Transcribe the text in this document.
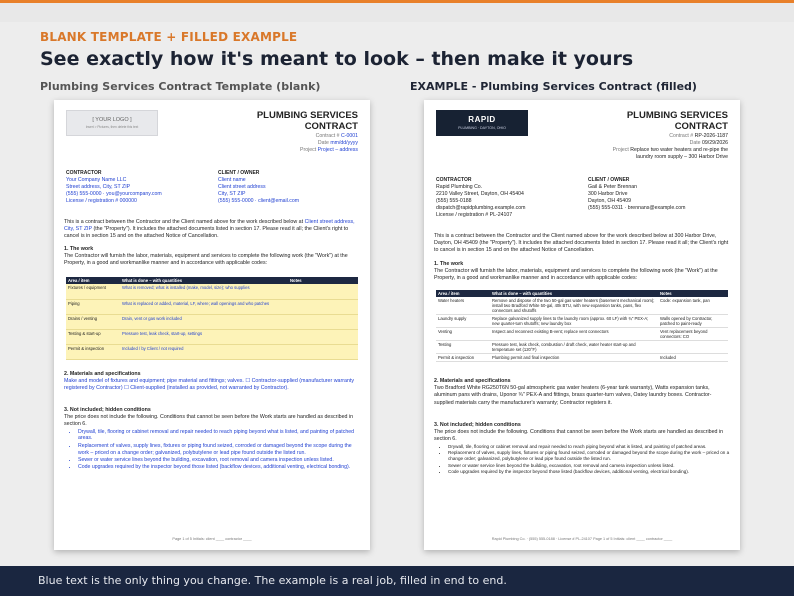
BLANK TEMPLATE + FILLED EXAMPLE
See exactly how it's meant to look – then make it yours
Plumbing Services Contract Template (blank)	EXAMPLE - Plumbing Services Contract (filled)
[ YOUR LOGO ]
Insert > Pictures, then delete this text
PLUMBING SERVICES
CONTRACT
Contract # C-0001
Date mm/dd/yyyy
Project Project – address
CONTRACTOR
Your Company Name LLC
Street address, City, ST ZIP
(555) 555-0000 · you@yourcompany.com
License / registration # 000000
CLIENT / OWNER
Client name
Client street address
City, ST ZIP
(555) 555-0000 · client@email.com
This is a contract between the Contractor and the Client named above for the work described below at Client street address, City, ST ZIP (the "Property"). It includes the attached documents listed in section 17. Please read it all; the Client's right to cancel is in section 15 and on the attached Notice of Cancellation.
1. The work
The Contractor will furnish the labor, materials, equipment and services to complete the following work (the "Work") at the Property, in a good and workmanlike manner and in accordance with applicable codes:
Area / item	What is done – with quantities	Notes
Fixtures / equipment	What is removed; what is installed (make, model, size); who supplies	
Piping	What is replaced or added, material, LF, where; wall openings and who patches	
Drains / venting	Drain, vent or gas work included	
Testing & start-up	Pressure test, leak check, start-up, settings	
Permit & inspection	Included / by Client / not required	
2. Materials and specifications
Make and model of fixtures and equipment; pipe material and fittings; valves. ☐ Contractor-supplied (manufacturer warranty registered by Contractor) ☐ Client-supplied (installed as provided, not warranted by Contractor).
3. Not included; hidden conditions
The price does not include the following. Conditions that cannot be seen before the Work starts are handled as described in section 6.
• Drywall, tile, flooring or cabinet removal and repair needed to reach piping beyond what is listed, and painting of patched areas.
• Replacement of valves, supply lines, fixtures or piping found seized, corroded or damaged beyond the scope during the work – priced on a change order; galvanized, polybutylene or lead pipe found outside the listed run.
• Sewer or water service lines beyond the building, excavation, root removal and camera inspection unless listed.
• Code upgrades required by the inspector beyond those listed (backflow devices, additional venting, electrical bonding).
Page 1 of 5 Initials: client ____ contractor ____
RAPID
PLUMBING · DAYTON, OHIO
PLUMBING SERVICES
CONTRACT
Contract # RP-2026-1187
Date 09/29/2026
Project Replace two water heaters and re-pipe the
laundry room supply – 300 Harbor Drive
CONTRACTOR
Rapid Plumbing Co.
2210 Valley Street, Dayton, OH 45404
(555) 555-0188
dispatch@rapidplumbing.example.com
License / registration # PL-24107
CLIENT / OWNER
Gail & Peter Brennan
300 Harbor Drive
Dayton, OH 45409
(555) 555-0311 · brennans@example.com
This is a contract between the Contractor and the Client named above for the work described below at 300 Harbor Drive, Dayton, OH 45409 (the "Property"). It includes the attached documents listed in section 17. Please read it all; the Client's right to cancel is in section 15 and on the attached Notice of Cancellation.
1. The work
The Contractor will furnish the labor, materials, equipment and services to complete the following work (the "Work") at the Property, in a good and workmanlike manner and in accordance with applicable codes:
Area / item	What is done – with quantities	Notes
Water heaters	Remove and dispose of the two 50-gal gas water heaters (basement mechanical room); install two Bradford White 50-gal, 40k BTU, with new expansion tanks, pans, flex connectors and shutoffs	Code: expansion tank, pan
Laundry supply	Replace galvanized supply lines to the laundry room (approx. 60 LF) with ¾" PEX-A; new quarter-turn shutoffs; new laundry box	Walls opened by Contractor, patched to paint-ready
Venting	Inspect and reconnect existing B-vent; replace vent connectors	Vent replacement beyond connectors: CO
Testing	Pressure test, leak check, combustion / draft check, water heater start-up and temperature set (120°F)	
Permit & inspection	Plumbing permit and final inspection	Included
2. Materials and specifications
Two Bradford White RG250T6N 50-gal atmospheric gas water heaters (6-year tank warranty), Watts expansion tanks, aluminum pans with drains, Uponor ¾" PEX-A and fittings, brass quarter-turn valves, Oatey laundry boxes. Contractor-supplied materials carry the manufacturer's warranty; Contractor registers it.
3. Not included; hidden conditions
The price does not include the following. Conditions that cannot be seen before the Work starts are handled as described in section 6.
• Drywall, tile, flooring or cabinet removal and repair needed to reach piping beyond what is listed, and painting of patched areas.
• Replacement of valves, supply lines, fixtures or piping found seized, corroded or damaged beyond the scope during the work – priced on a change order; galvanized, polybutylene or lead pipe found outside the listed run.
• Sewer or water service lines beyond the building, excavation, root removal and camera inspection unless listed.
• Code upgrades required by the inspector beyond those listed (backflow devices, additional venting, electrical bonding).
Rapid Plumbing Co. · (555) 555-0188 · License # PL-24107 Page 1 of 5 Initials: client ____ contractor ____
Blue text is the only thing you change. The example is a real job, filled in end to end.
